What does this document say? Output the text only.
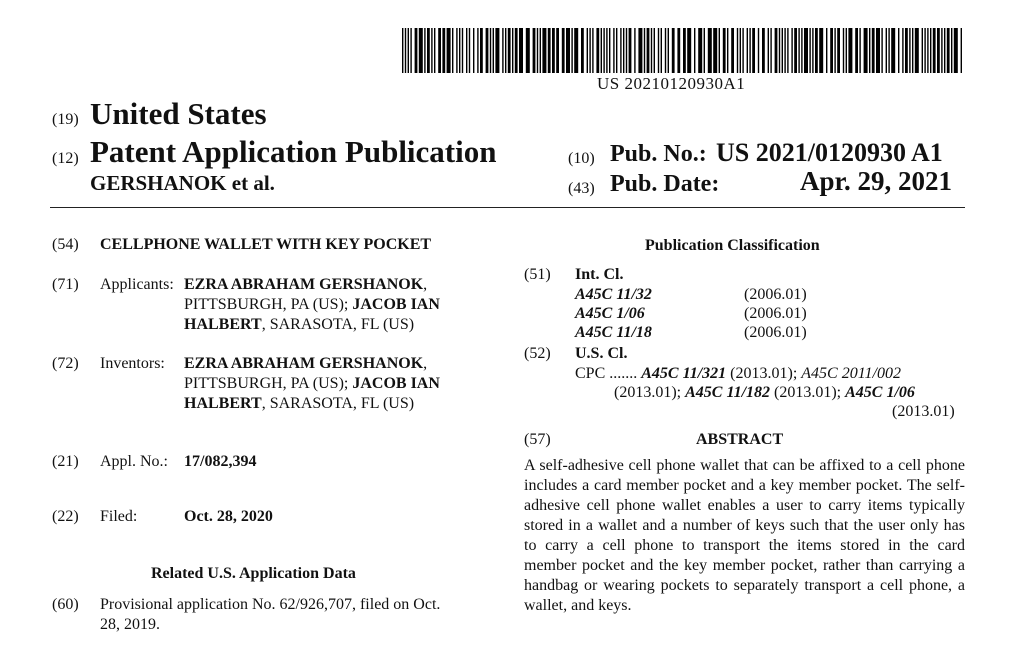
US 20210120930A1
(19) United States
(12) Patent Application Publication
GERSHANOK et al.
(10) Pub. No.: US 2021/0120930 A1
(43) Pub. Date:	Apr. 29, 2021
(54) CELLPHONE WALLET WITH KEY POCKET
(71) Applicants: EZRA ABRAHAM GERSHANOK,
PITTSBURGH, PA (US); JACOB IAN
HALBERT, SARASOTA, FL (US)
(72) Inventors: EZRA ABRAHAM GERSHANOK,
PITTSBURGH, PA (US); JACOB IAN
HALBERT, SARASOTA, FL (US)
(21) Appl. No.: 17/082,394
(22) Filed:	Oct. 28, 2020
Related U.S. Application Data
(60) Provisional application No. 62/926,707, filed on Oct.
28, 2019.
Publication Classification
(51) Int. Cl.
A45C 11/32	(2006.01)
A45C 1/06	(2006.01)
A45C 11/18	(2006.01)
(52) U.S. Cl.
CPC ....... A45C 11/321 (2013.01); A45C 2011/002
(2013.01); A45C 11/182 (2013.01); A45C 1/06
(2013.01)
(57)	ABSTRACT
A self-adhesive cell phone wallet that can be affixed to a cell phone includes a card member pocket and a key member pocket. The self-adhesive cell phone wallet enables a user to carry items typically stored in a wallet and a number of keys such that the user only has to carry a cell phone to transport the items stored in the card member pocket and the key member pocket, rather than carrying a handbag or wearing pockets to separately transport a cell phone, a wallet, and keys.
